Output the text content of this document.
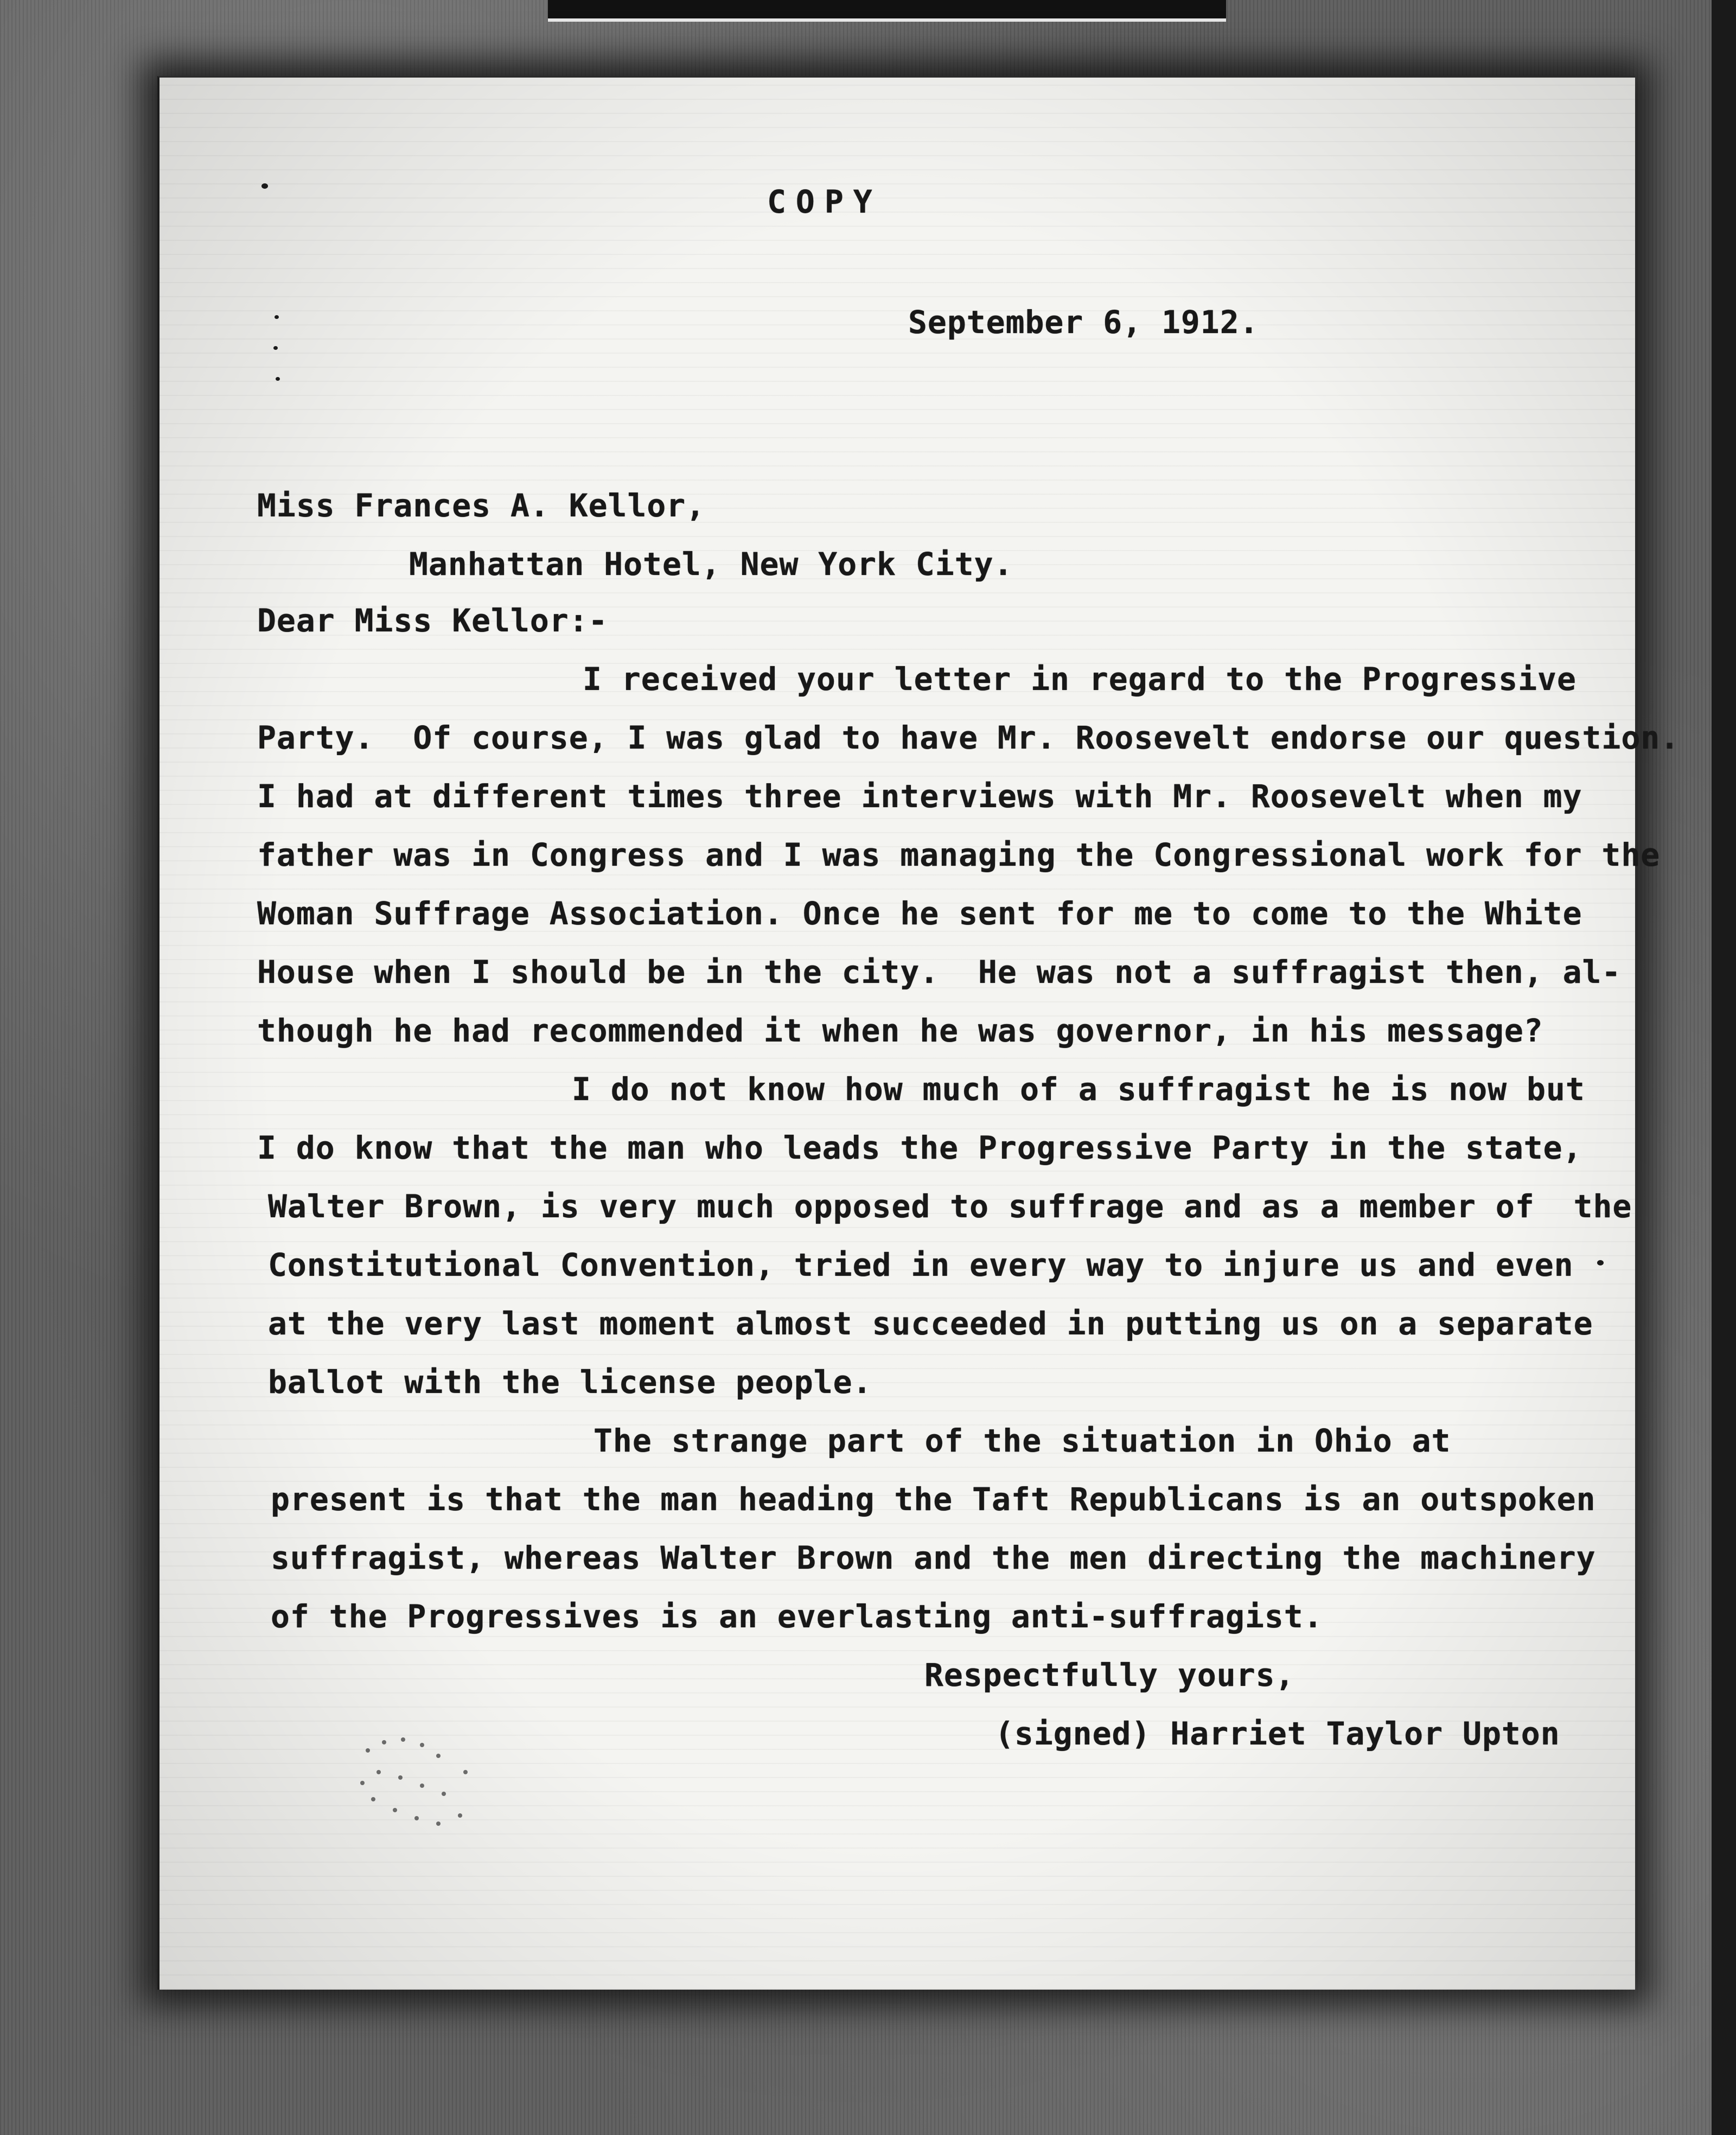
COPY
September 6, 1912.
Miss Frances A. Kellor,
Manhattan Hotel, New York City.
Dear Miss Kellor:-
I received your letter in regard to the Progressive
Party.  Of course, I was glad to have Mr. Roosevelt endorse our question.
I had at different times three interviews with Mr. Roosevelt when my
father was in Congress and I was managing the Congressional work for the
Woman Suffrage Association. Once he sent for me to come to the White
House when I should be in the city.  He was not a suffragist then, al-
though he had recommended it when he was governor, in his message?
I do not know how much of a suffragist he is now but
I do know that the man who leads the Progressive Party in the state,
Walter Brown, is very much opposed to suffrage and as a member of  the
Constitutional Convention, tried in every way to injure us and even
at the very last moment almost succeeded in putting us on a separate
ballot with the license people.
The strange part of the situation in Ohio at
present is that the man heading the Taft Republicans is an outspoken
suffragist, whereas Walter Brown and the men directing the machinery
of the Progressives is an everlasting anti-suffragist.
Respectfully yours,
(signed) Harriet Taylor Upton
